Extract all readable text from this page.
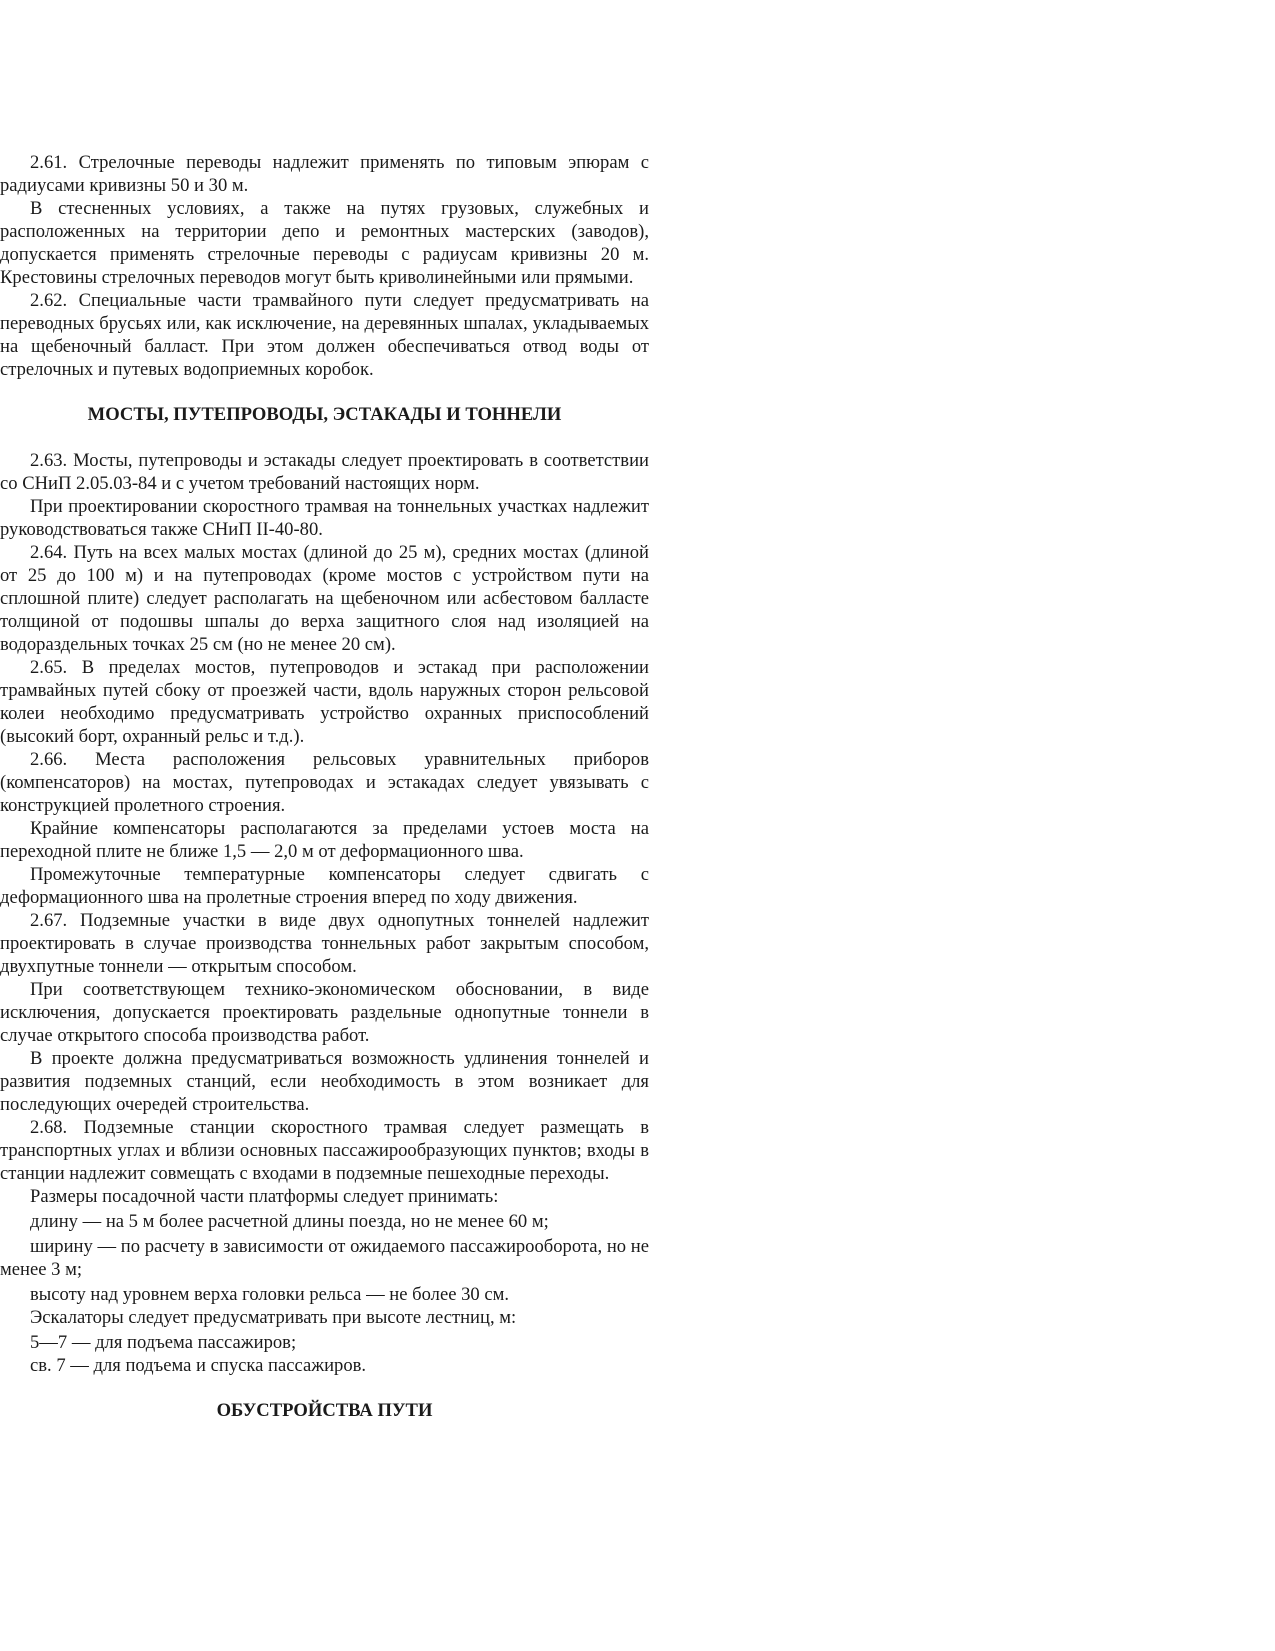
2.61. Стрелочные переводы надлежит применять по типовым эпюрам с радиусами кривизны 50 и 30 м.

В стесненных условиях, а также на путях грузовых, служебных и расположенных на территории депо и ремонтных мастерских (заводов), допускается применять стрелочные переводы с радиусам кривизны 20 м. Крестовины стрелочных переводов могут быть криволинейными или прямыми.

2.62. Специальные части трамвайного пути следует предусматривать на переводных брусьях или, как исключение, на деревянных шпалах, укладываемых на щебеночный балласт. При этом должен обеспечиваться отвод воды от стрелочных и путевых водоприемных коробок.

МОСТЫ, ПУТЕПРОВОДЫ, ЭСТАКАДЫ И ТОННЕЛИ

2.63. Мосты, путепроводы и эстакады следует проектировать в соответствии со СНиП 2.05.03-84 и с учетом требований настоящих норм.

При проектировании скоростного трамвая на тоннельных участках надлежит руководствоваться также СНиП II-40-80.

2.64. Путь на всех малых мостах (длиной до 25 м), средних мостах (длиной от 25 до 100 м) и на путепроводах (кроме мостов с устройством пути на сплошной плите) следует располагать на щебеночном или асбестовом балласте толщиной от подошвы шпалы до верха защитного слоя над изоляцией на водораздельных точках 25 см (но не менее 20 см).

2.65. В пределах мостов, путепроводов и эстакад при расположении трамвайных путей сбоку от проезжей части, вдоль наружных сторон рельсовой колеи необходимо предусматривать устройство охранных приспособлений (высокий борт, охранный рельс и т.д.).

2.66. Места расположения рельсовых уравнительных приборов (компенсаторов) на мостах, путепроводах и эстакадах следует увязывать с конструкцией пролетного строения.

Крайние компенсаторы располагаются за пределами устоев моста на переходной плите не ближе 1,5 — 2,0 м от деформационного шва.

Промежуточные температурные компенсаторы следует сдвигать с деформационного шва на пролетные строения вперед по ходу движения.

2.67. Подземные участки в виде двух однопутных тоннелей надлежит проектировать в случае производства тоннельных работ закрытым способом, двухпутные тоннели — открытым способом.

При соответствующем технико-экономическом обосновании, в виде исключения, допускается проектировать раздельные однопутные тоннели в случае открытого способа производства работ.

В проекте должна предусматриваться возможность удлинения тоннелей и развития подземных станций, если необходимость в этом возникает для последующих очередей строительства.

2.68. Подземные станции скоростного трамвая следует размещать в транспортных углах и вблизи основных пассажирообразующих пунктов; входы в станции надлежит совмещать с входами в подземные пешеходные переходы.

Размеры посадочной части платформы следует принимать:

длину — на 5 м более расчетной длины поезда, но не менее 60 м;

ширину — по расчету в зависимости от ожидаемого пассажирооборота, но не менее 3 м;

высоту над уровнем верха головки рельса — не более 30 см.

Эскалаторы следует предусматривать при высоте лестниц, м:

5—7 — для подъема пассажиров;

св. 7 — для подъема и спуска пассажиров.

ОБУСТРОЙСТВА ПУТИ
